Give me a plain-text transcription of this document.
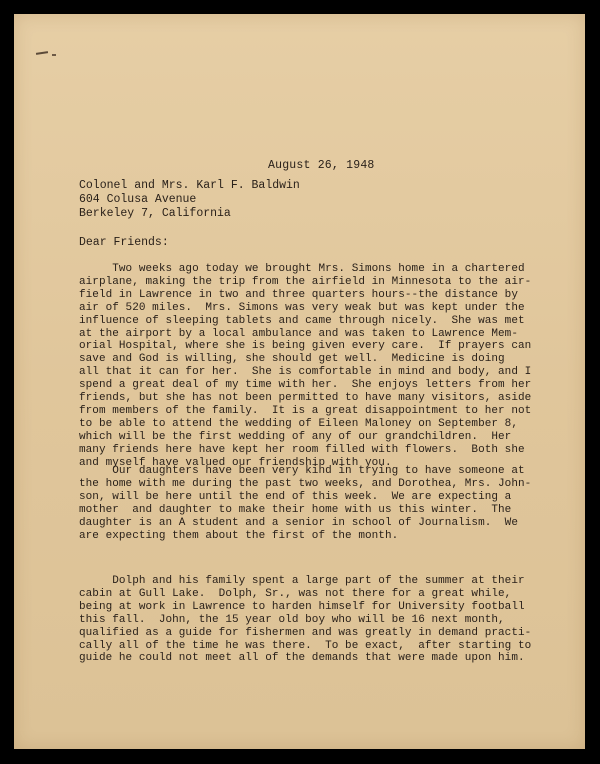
August 26, 1948
Colonel and Mrs. Karl F. Baldwin
604 Colusa Avenue
Berkeley 7, California
Dear Friends:
Two weeks ago today we brought Mrs. Simons home in a chartered
airplane, making the trip from the airfield in Minnesota to the air-
field in Lawrence in two and three quarters hours--the distance by
air of 520 miles.  Mrs. Simons was very weak but was kept under the
influence of sleeping tablets and came through nicely.  She was met
at the airport by a local ambulance and was taken to Lawrence Mem-
orial Hospital, where she is being given every care.  If prayers can
save and God is willing, she should get well.  Medicine is doing
all that it can for her.  She is comfortable in mind and body, and I
spend a great deal of my time with her.  She enjoys letters from her
friends, but she has not been permitted to have many visitors, aside
from members of the family.  It is a great disappointment to her not
to be able to attend the wedding of Eileen Maloney on September 8,
which will be the first wedding of any of our grandchildren.  Her
many friends here have kept her room filled with flowers.  Both she
and myself have valued our friendship with you.
Our daughters have been very kind in trying to have someone at
the home with me during the past two weeks, and Dorothea, Mrs. John-
son, will be here until the end of this week.  We are expecting a
mother  and daughter to make their home with us this winter.  The
daughter is an A student and a senior in school of Journalism.  We
are expecting them about the first of the month.
Dolph and his family spent a large part of the summer at their
cabin at Gull Lake.  Dolph, Sr., was not there for a great while,
being at work in Lawrence to harden himself for University football
this fall.  John, the 15 year old boy who will be 16 next month,
qualified as a guide for fishermen and was greatly in demand practi-
cally all of the time he was there.  To be exact,  after starting to
guide he could not meet all of the demands that were made upon him.
